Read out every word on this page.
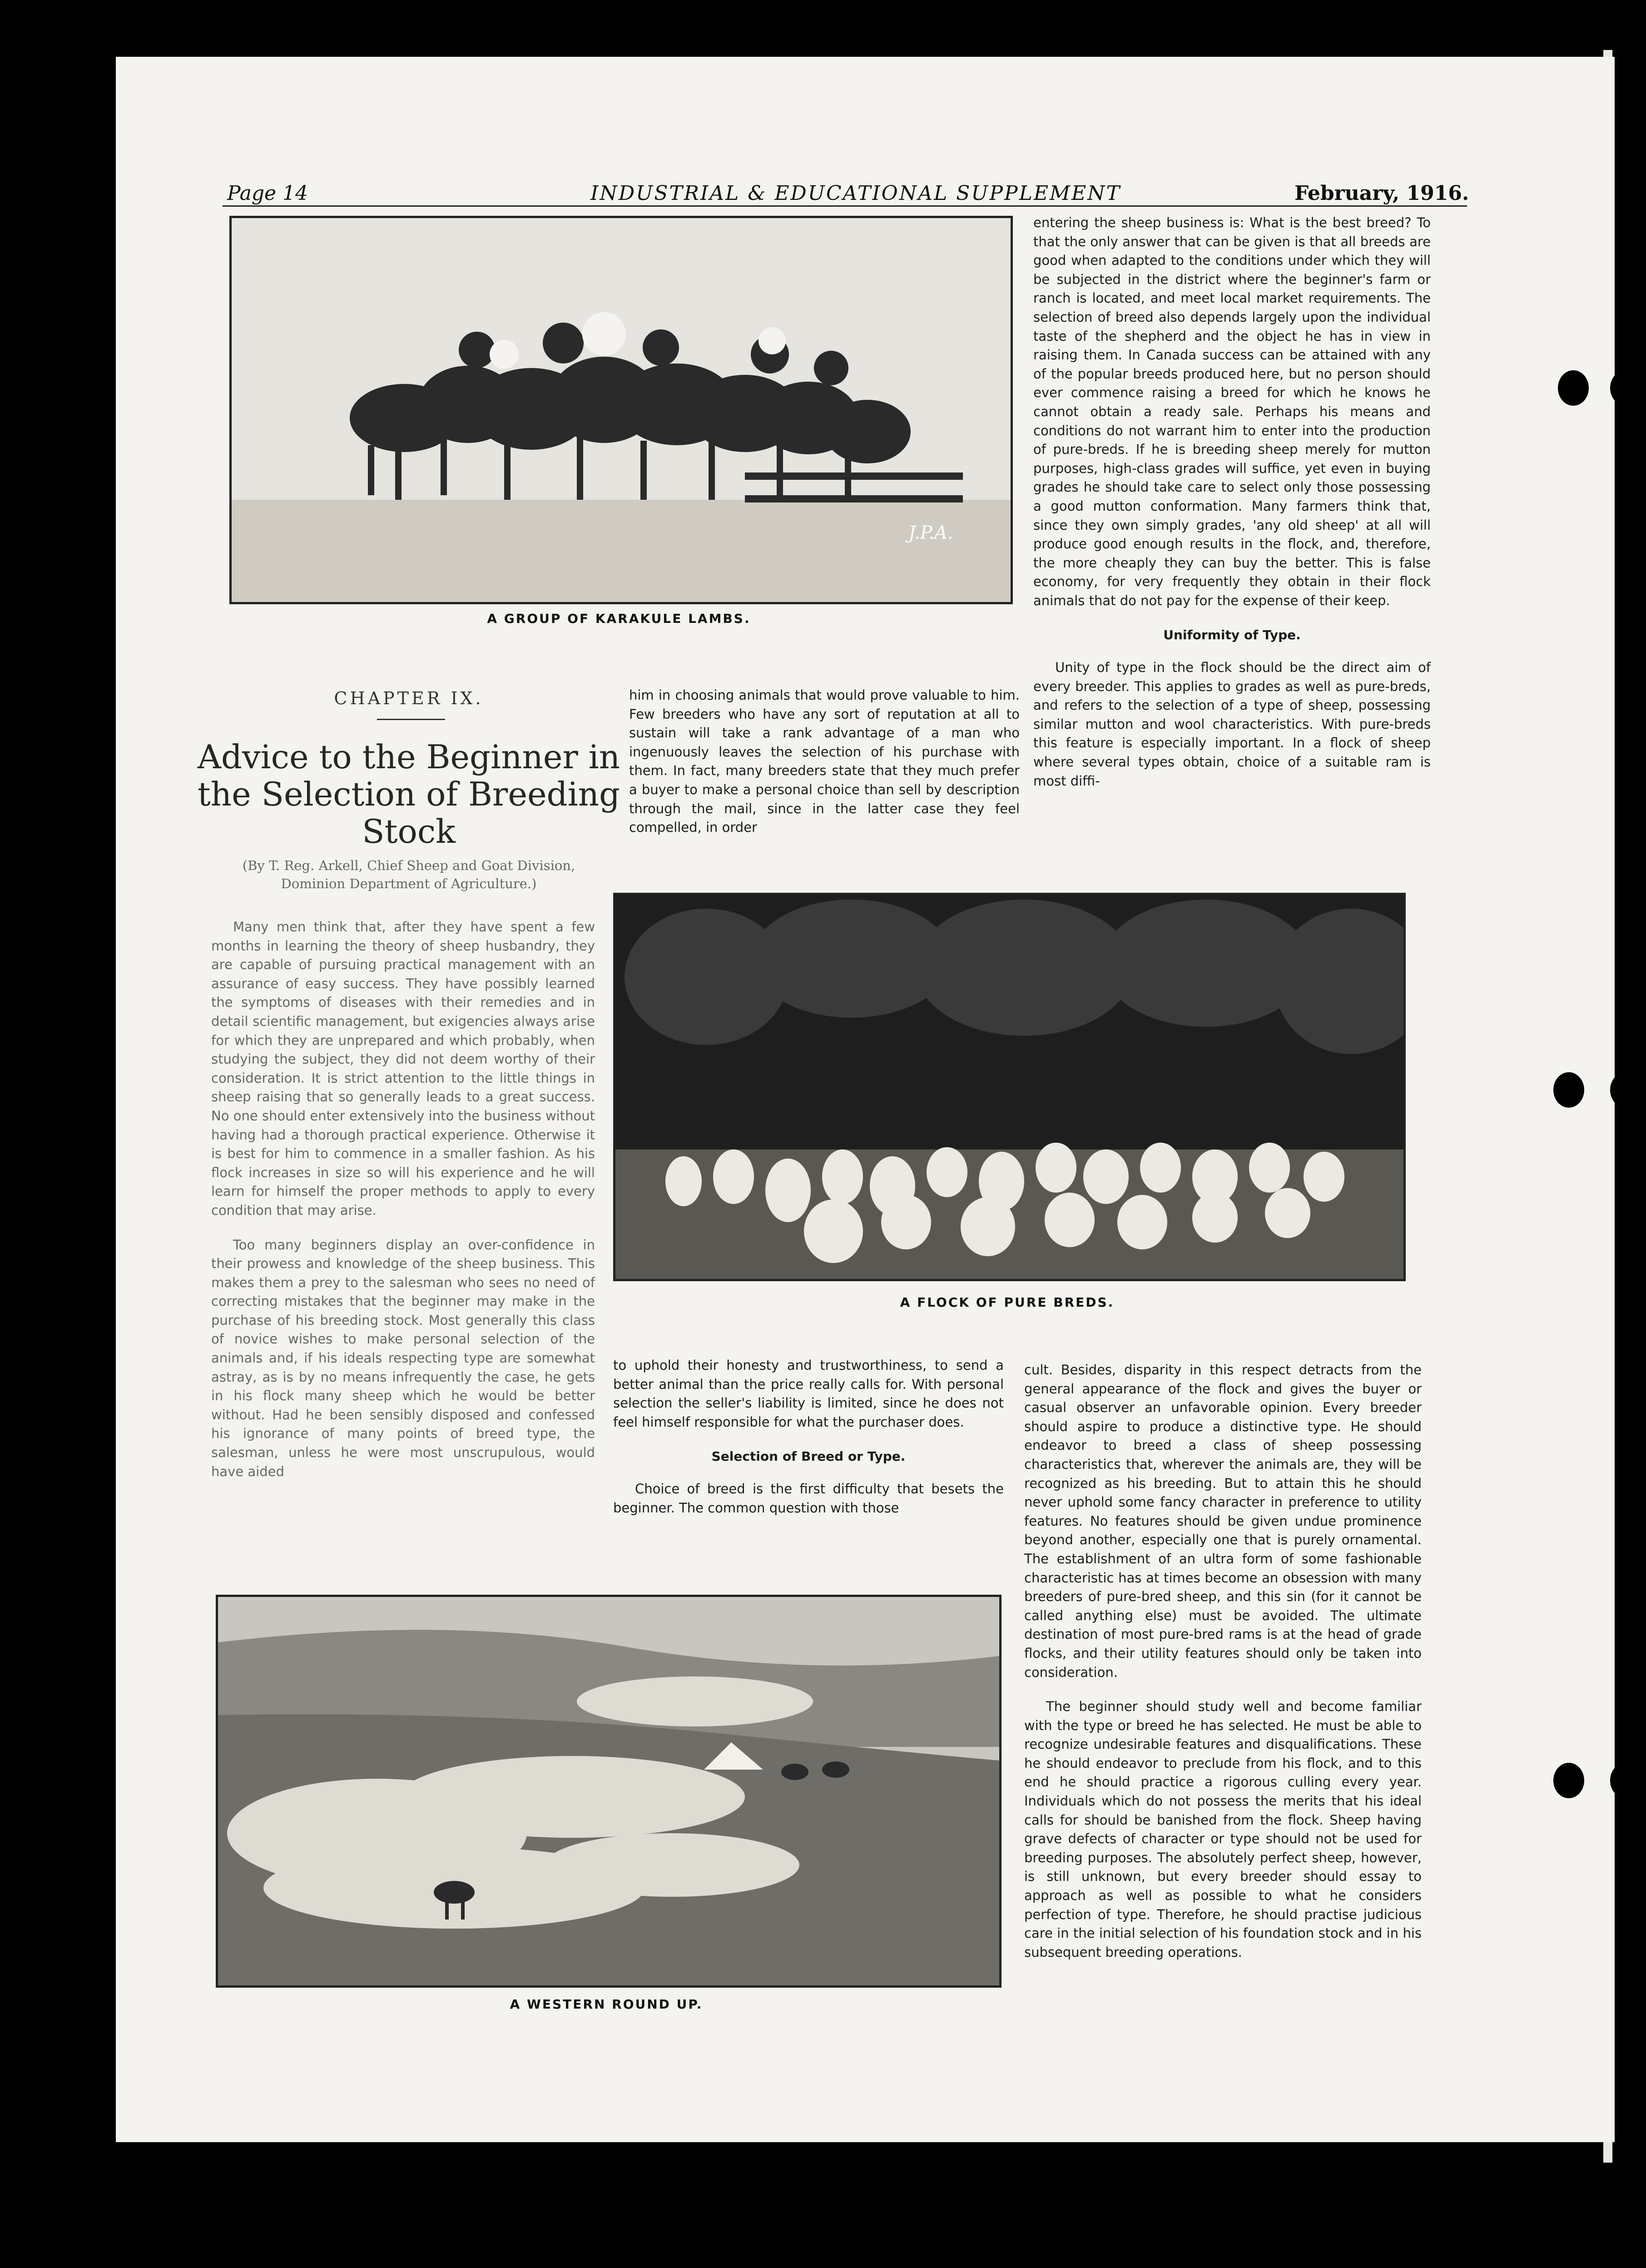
Page 14	INDUSTRIAL & EDUCATIONAL SUPPLEMENT	February, 1916.
J.P.A.
A GROUP OF KARAKULE LAMBS.

entering the sheep business is: What is the best breed? To that the only answer that can be given is that all breeds are good when adapted to the conditions under which they will be subjected in the district where the beginner's farm or ranch is located, and meet local market requirements. The selection of breed also depends largely upon the individual taste of the shepherd and the object he has in view in raising them. In Canada success can be attained with any of the popular breeds produced here, but no person should ever commence raising a breed for which he knows he cannot obtain a ready sale. Perhaps his means and conditions do not warrant him to enter into the production of pure-breds. If he is breeding sheep merely for mutton purposes, high-class grades will suffice, yet even in buying grades he should take care to select only those possessing a good mutton conformation. Many farmers think that, since they own simply grades, 'any old sheep' at all will produce good enough results in the flock, and, therefore, the more cheaply they can buy the better. This is false economy, for very frequently they obtain in their flock animals that do not pay for the expense of their keep.

Uniformity of Type.

Unity of type in the flock should be the direct aim of every breeder. This applies to grades as well as pure-breds, and refers to the selection of a type of sheep, possessing similar mutton and wool characteristics. With pure-breds this feature is especially important. In a flock of sheep where several types obtain, choice of a suitable ram is most diffi-

CHAPTER IX.
Advice to the Beginner in the Selection of Breeding Stock
(By T. Reg. Arkell, Chief Sheep and Goat Division, Dominion Department of Agriculture.)

Many men think that, after they have spent a few months in learning the theory of sheep husbandry, they are capable of pursuing practical management with an assurance of easy success. They have possibly learned the symptoms of diseases with their remedies and in detail scientific management, but exigencies always arise for which they are unprepared and which probably, when studying the subject, they did not deem worthy of their consideration. It is strict attention to the little things in sheep raising that so generally leads to a great success. No one should enter extensively into the business without having had a thorough practical experience. Otherwise it is best for him to commence in a smaller fashion. As his flock increases in size so will his experience and he will learn for himself the proper methods to apply to every condition that may arise.

Too many beginners display an over-confidence in their prowess and knowledge of the sheep business. This makes them a prey to the salesman who sees no need of correcting mistakes that the beginner may make in the purchase of his breeding stock. Most generally this class of novice wishes to make personal selection of the animals and, if his ideals respecting type are somewhat astray, as is by no means infrequently the case, he gets in his flock many sheep which he would be better without. Had he been sensibly disposed and confessed his ignorance of many points of breed type, the salesman, unless he were most unscrupulous, would have aided

him in choosing animals that would prove valuable to him. Few breeders who have any sort of reputation at all to sustain will take a rank advantage of a man who ingenuously leaves the selection of his purchase with them. In fact, many breeders state that they much prefer a buyer to make a personal choice than sell by description through the mail, since in the latter case they feel compelled, in order

A FLOCK OF PURE BREDS.

to uphold their honesty and trustworthiness, to send a better animal than the price really calls for. With personal selection the seller's liability is limited, since he does not feel himself responsible for what the purchaser does.

Selection of Breed or Type.

Choice of breed is the first difficulty that besets the beginner. The common question with those

cult. Besides, disparity in this respect detracts from the general appearance of the flock and gives the buyer or casual observer an unfavorable opinion. Every breeder should aspire to produce a distinctive type. He should endeavor to breed a class of sheep possessing characteristics that, wherever the animals are, they will be recognized as his breeding. But to attain this he should never uphold some fancy character in preference to utility features. No features should be given undue prominence beyond another, especially one that is purely ornamental. The establishment of an ultra form of some fashionable characteristic has at times become an obsession with many breeders of pure-bred sheep, and this sin (for it cannot be called anything else) must be avoided. The ultimate destination of most pure-bred rams is at the head of grade flocks, and their utility features should only be taken into consideration.

The beginner should study well and become familiar with the type or breed he has selected. He must be able to recognize undesirable features and disqualifications. These he should endeavor to preclude from his flock, and to this end he should practice a rigorous culling every year. Individuals which do not possess the merits that his ideal calls for should be banished from the flock. Sheep having grave defects of character or type should not be used for breeding purposes. The absolutely perfect sheep, however, is still unknown, but every breeder should essay to approach as well as possible to what he considers perfection of type. Therefore, he should practise judicious care in the initial selection of his foundation stock and in his subsequent breeding operations.

A WESTERN ROUND UP.
